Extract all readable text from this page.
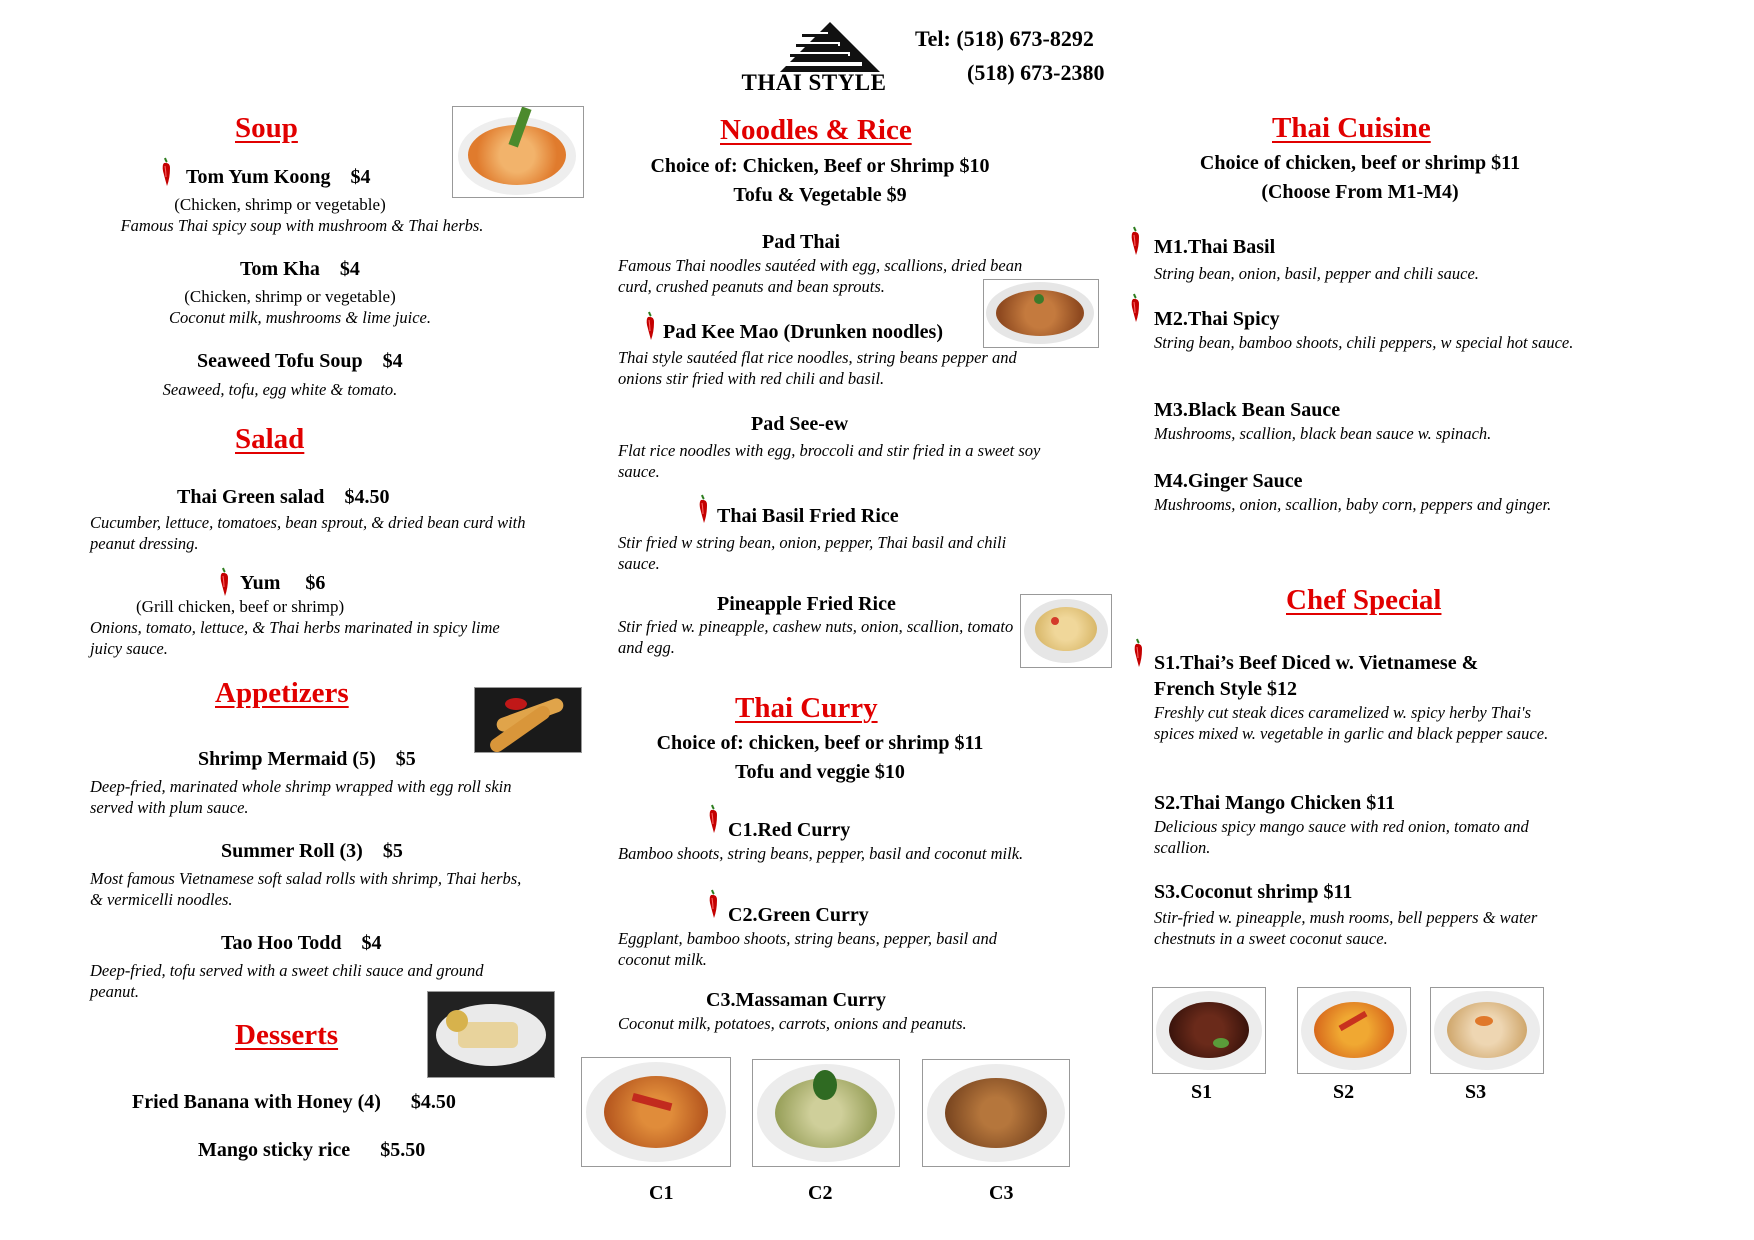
THAI STYLE
Tel: (518) 673-8292
(518) 673-2380
Soup
Tom Yum Koong $4
(Chicken, shrimp or vegetable)
Famous Thai spicy soup with mushroom & Thai herbs.
Tom Kha $4
(Chicken, shrimp or vegetable)
Coconut milk, mushrooms & lime juice.
Seaweed Tofu Soup $4
Seaweed, tofu, egg white & tomato.
Salad
Thai Green salad $4.50
Cucumber, lettuce, tomatoes, bean sprout, & dried bean curd with peanut dressing.
Yum $6
(Grill chicken, beef or shrimp)
Onions, tomato, lettuce, & Thai herbs marinated in spicy lime juicy sauce.
Appetizers
Shrimp Mermaid (5) $5
Deep-fried, marinated whole shrimp wrapped with egg roll skin served with plum sauce.
Summer Roll (3) $5
Most famous Vietnamese soft salad rolls with shrimp, Thai herbs, & vermicelli noodles.
Tao Hoo Todd $4
Deep-fried, tofu served with a sweet chili sauce and ground peanut.
Desserts
Fried Banana with Honey (4) $4.50
Mango sticky rice $5.50
Noodles & Rice
Choice of: Chicken, Beef or Shrimp $10
Tofu & Vegetable $9
Pad Thai
Famous Thai noodles sautéed with egg, scallions, dried bean curd, crushed peanuts and bean sprouts.
Pad Kee Mao (Drunken noodles)
Thai style sautéed flat rice noodles, string beans pepper and onions stir fried with red chili and basil.
Pad See-ew
Flat rice noodles with egg, broccoli and stir fried in a sweet soy sauce.
Thai Basil Fried Rice
Stir fried w string bean, onion, pepper, Thai basil and chili sauce.
Pineapple Fried Rice
Stir fried w. pineapple, cashew nuts, onion, scallion, tomato and egg.
Thai Curry
Choice of: chicken, beef or shrimp $11
Tofu and veggie $10
C1.Red Curry
Bamboo shoots, string beans, pepper, basil and coconut milk.
C2.Green Curry
Eggplant, bamboo shoots, string beans, pepper, basil and coconut milk.
C3.Massaman Curry
Coconut milk, potatoes, carrots, onions and peanuts.
C1	C2	C3
Thai Cuisine
Choice of chicken, beef or shrimp $11
(Choose From M1-M4)
M1.Thai Basil
String bean, onion, basil, pepper and chili sauce.
M2.Thai Spicy
String bean, bamboo shoots, chili peppers, w special hot sauce.
M3.Black Bean Sauce
Mushrooms, scallion, black bean sauce w. spinach.
M4.Ginger Sauce
Mushrooms, onion, scallion, baby corn, peppers and ginger.
Chef Special
S1.Thai’s Beef Diced w. Vietnamese &
French Style $12
Freshly cut steak dices caramelized w. spicy herby Thai's spices mixed w. vegetable in garlic and black pepper sauce.
S2.Thai Mango Chicken $11
Delicious spicy mango sauce with red onion, tomato and scallion.
S3.Coconut shrimp $11
Stir-fried w. pineapple, mush rooms, bell peppers & water chestnuts in a sweet coconut sauce.
S1	S2	S3
